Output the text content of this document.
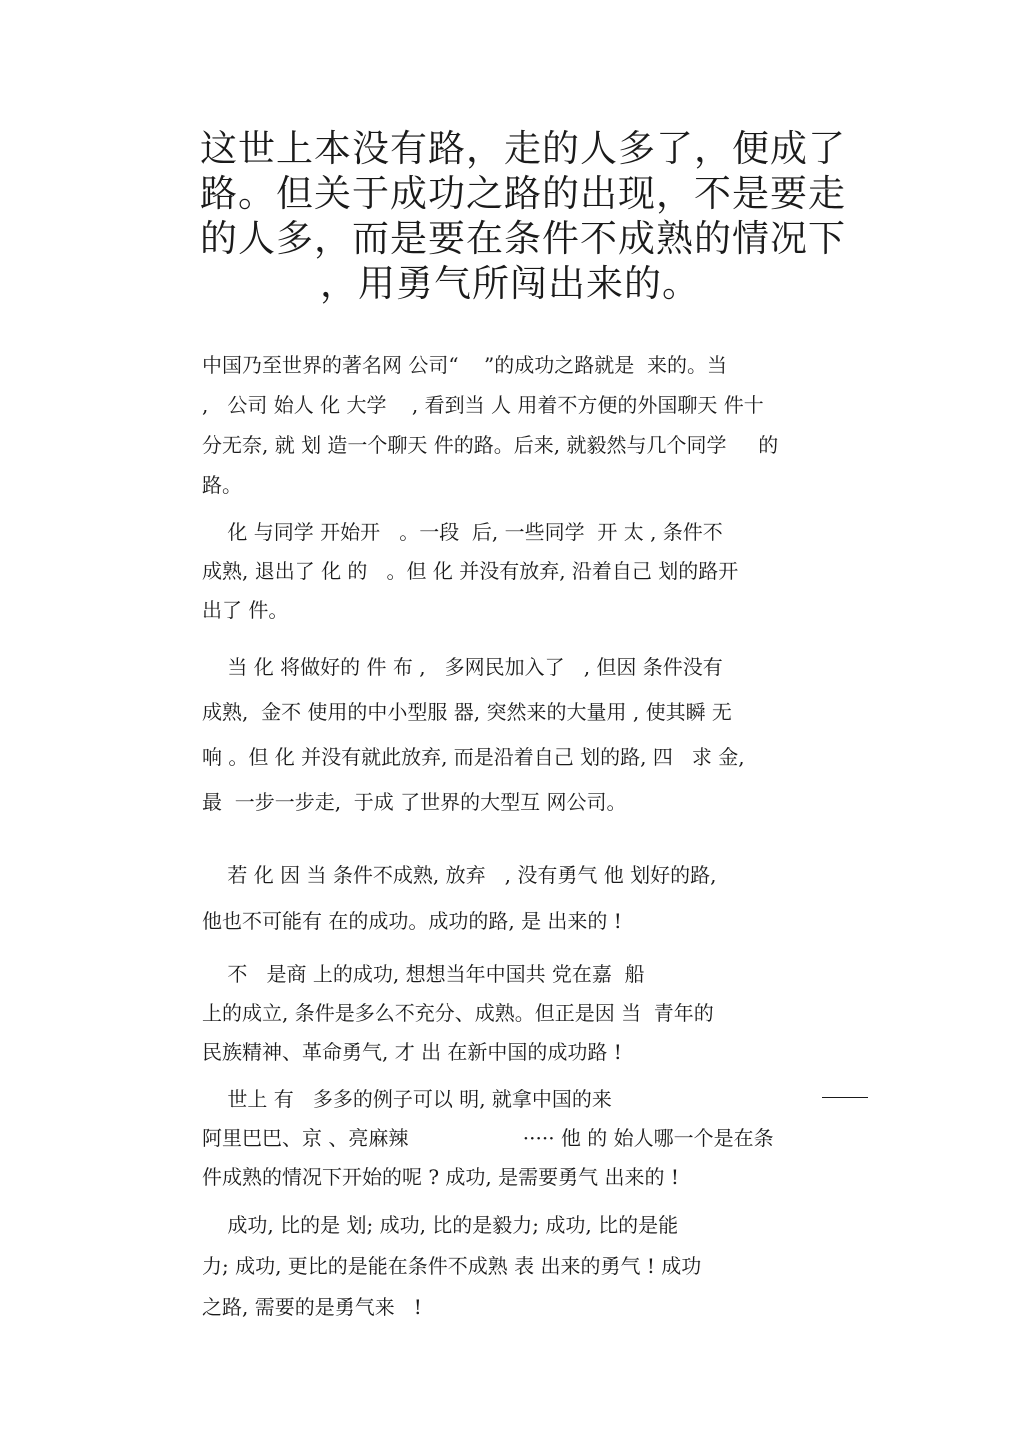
这世上本没有路，走的人多了，便成了
路。但关于成功之路的出现，不是要走
的人多，而是要在条件不成熟的情况下
，用勇气所闯出来的。

中国乃至世界的著名网 公司“    ”的成功之路就是  来的。当
,   公司 始人 化 大学    , 看到当 人 用着不方便的外国聊天 件十
分无奈, 就 划 造一个聊天 件的路。后来, 就毅然与几个同学     的
路。

化 与同学 开始开   。一段  后, 一些同学  开 太 , 条件不
成熟, 退出了 化 的   。但 化 并没有放弃, 沿着自己 划的路开
出了 件。

当 化 将做好的 件 布 ,   多网民加入了   , 但因 条件没有
成熟,  金不 使用的中小型服 器, 突然来的大量用 , 使其瞬 无
响 。但 化 并没有就此放弃, 而是沿着自己 划的路, 四   求 金,
最  一步一步走,  于成 了世界的大型互 网公司。

若 化 因 当 条件不成熟, 放弃   , 没有勇气 他 划好的路,
他也不可能有 在的成功。成功的路, 是 出来的 !

不   是商 上的成功, 想想当年中国共 党在嘉  船
上的成立, 条件是多么不充分、成熟。但正是因 当  青年的
民族精神、革命勇气, 才 出 在新中国的成功路 !

世上 有   多多的例子可以 明, 就拿中国的来
阿里巴巴、京 、亮麻辣                  ····· 他 的 始人哪一个是在条
件成熟的情况下开始的呢 ? 成功, 是需要勇气 出来的 !

成功, 比的是 划; 成功, 比的是毅力; 成功, 比的是能
力; 成功, 更比的是能在条件不成熟 表 出来的勇气 ! 成功
之路, 需要的是勇气来   !
